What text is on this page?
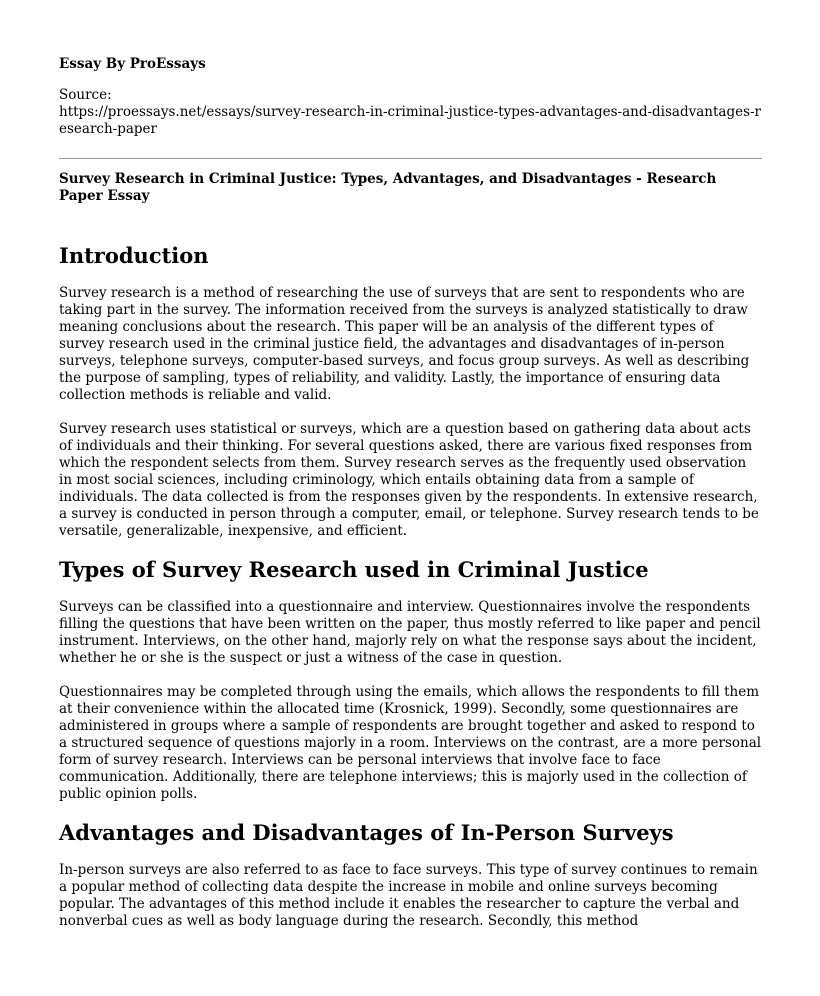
Essay By ProEssays
Source:
https://proessays.net/essays/survey-research-in-criminal-justice-types-advantages-and-disadvantages-research-paper
Survey Research in Criminal Justice: Types, Advantages, and Disadvantages - Research Paper Essay
Introduction

Survey research is a method of researching the use of surveys that are sent to respondents who are taking part in the survey. The information received from the surveys is analyzed statistically to draw meaning conclusions about the research. This paper will be an analysis of the different types of survey research used in the criminal justice field, the advantages and disadvantages of in-person surveys, telephone surveys, computer-based surveys, and focus group surveys. As well as describing the purpose of sampling, types of reliability, and validity. Lastly, the importance of ensuring data collection methods is reliable and valid.

Survey research uses statistical or surveys, which are a question based on gathering data about acts of individuals and their thinking. For several questions asked, there are various fixed responses from which the respondent selects from them. Survey research serves as the frequently used observation in most social sciences, including criminology, which entails obtaining data from a sample of individuals. The data collected is from the responses given by the respondents. In extensive research, a survey is conducted in person through a computer, email, or telephone. Survey research tends to be versatile, generalizable, inexpensive, and efficient.

Types of Survey Research used in Criminal Justice

Surveys can be classified into a questionnaire and interview. Questionnaires involve the respondents filling the questions that have been written on the paper, thus mostly referred to like paper and pencil instrument. Interviews, on the other hand, majorly rely on what the response says about the incident, whether he or she is the suspect or just a witness of the case in question.

Questionnaires may be completed through using the emails, which allows the respondents to fill them at their convenience within the allocated time (Krosnick, 1999). Secondly, some questionnaires are administered in groups where a sample of respondents are brought together and asked to respond to a structured sequence of questions majorly in a room. Interviews on the contrast, are a more personal form of survey research. Interviews can be personal interviews that involve face to face communication. Additionally, there are telephone interviews; this is majorly used in the collection of public opinion polls.

Advantages and Disadvantages of In-Person Surveys

In-person surveys are also referred to as face to face surveys. This type of survey continues to remain a popular method of collecting data despite the increase in mobile and online surveys becoming popular. The advantages of this method include it enables the researcher to capture the verbal and nonverbal cues as well as body language during the research. Secondly, this method
